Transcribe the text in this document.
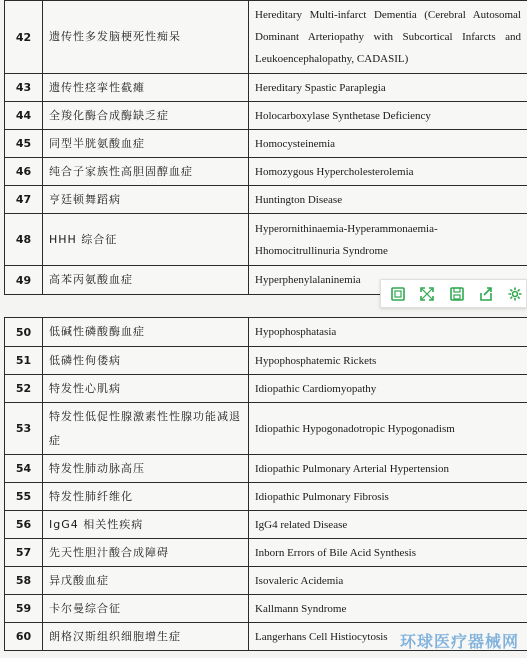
42	遗传性多发脑梗死性痴呆	Hereditary Multi-infarct Dementia (Cerebral Autosomal Dominant Arteriopathy with Subcortical Infarcts and Leukoencephalopathy, CADASIL)
43	遗传性痉挛性截瘫	Hereditary Spastic Paraplegia
44	全羧化酶合成酶缺乏症	Holocarboxylase Synthetase Deficiency
45	同型半胱氨酸血症	Homocysteinemia
46	纯合子家族性高胆固醇血症	Homozygous Hypercholesterolemia
47	亨廷顿舞蹈病	Huntington Disease
48	HHH 综合征	Hyperornithinaemia-Hyperammonaemia-Hhomocitrullinuria Syndrome
49	高苯丙氨酸血症	Hyperphenylalaninemia
50	低碱性磷酸酶血症	Hypophosphatasia
51	低磷性佝偻病	Hypophosphatemic Rickets
52	特发性心肌病	Idiopathic Cardiomyopathy
53	特发性低促性腺激素性性腺功能减退症	Idiopathic Hypogonadotropic Hypogonadism
54	特发性肺动脉高压	Idiopathic Pulmonary Arterial Hypertension
55	特发性肺纤维化	Idiopathic Pulmonary Fibrosis
56	IgG4 相关性疾病	IgG4 related Disease
57	先天性胆汁酸合成障碍	Inborn Errors of Bile Acid Synthesis
58	异戊酸血症	Isovaleric Acidemia
59	卡尔曼综合征	Kallmann Syndrome
60	朗格汉斯组织细胞增生症	Langerhans Cell Histiocytosis 环球医疗器械网
